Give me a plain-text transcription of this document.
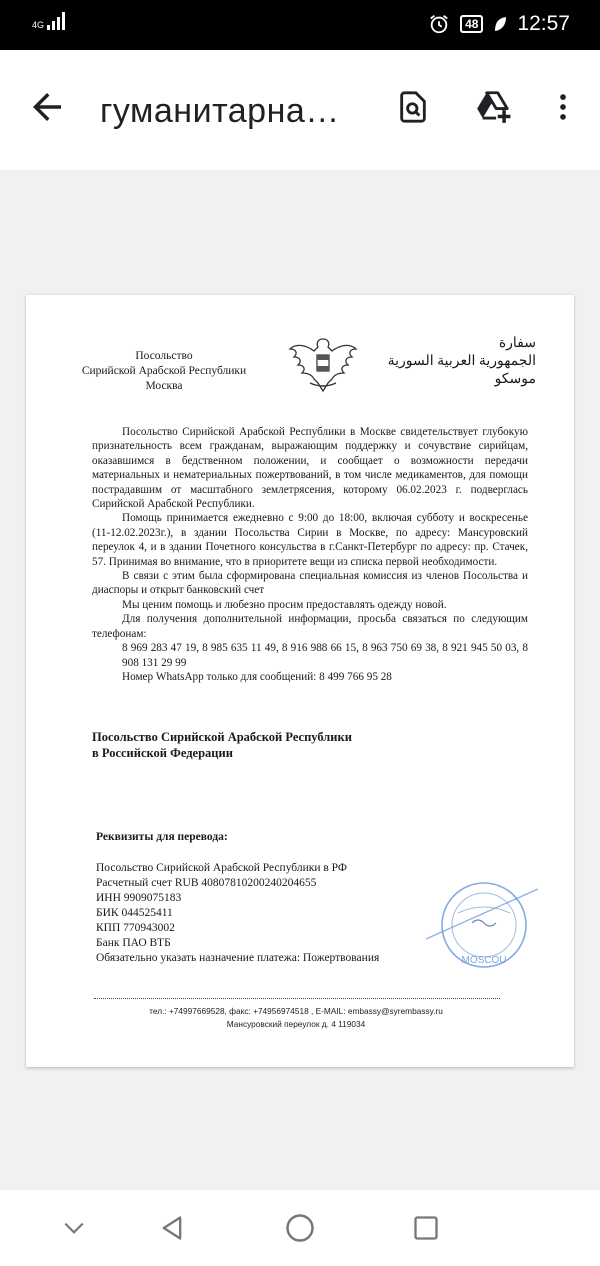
4G	48 12:57
гуманитарна…
Посольство
Сирийской Арабской Республики
Москва
سفارة
الجمهورية العربية السورية
موسكو

Посольство Сирийской Арабской Республики в Москве свидетельствует глубокую признательность всем гражданам, выражающим поддержку и сочувствие сирийцам, оказавшимся в бедственном положении, и сообщает о возможности передачи материальных и нематериальных пожертвований, в том числе медикаментов, для помощи пострадавшим от масштабного землетрясения, которому 06.02.2023 г. подверглась Сирийской Арабской Республики.

Помощь принимается ежедневно с 9:00 до 18:00, включая субботу и воскресенье (11-12.02.2023г.), в здании Посольства Сирии в Москве, по адресу: Мансуровский переулок 4, и в здании Почетного консульства в г.Санкт-Петербург по адресу: пр. Стачек, 57. Принимая во внимание, что в приоритете вещи из списка первой необходимости.

В связи с этим была сформирована специальная комиссия из членов Посольства и диаспоры и открыт банковский счет

Мы ценим помощь и любезно просим предоставлять одежду новой.

Для получения дополнительной информации, просьба связаться по следующим телефонам:

8 969 283 47 19, 8 985 635 11 49, 8 916 988 66 15, 8 963 750 69 38, 8 921 945 50 03, 8 908 131 29 99

Номер WhatsApp только для сообщений: 8 499 766 95 28

Посольство Сирийской Арабской Республики
в Российской Федерации
Реквизиты для перевода:
Посольство Сирийской Арабской Республики в РФ
Расчетный счет RUB 40807810200240204655
ИНН 9909075183
БИК 044525411
КПП 770943002
Банк ПАО ВТБ
Обязательно указать назначение платежа: Пожертвования	MOSCOU
тел.: +74997669528, факс: +74956974518 , E-MAIL: embassy@syrembassy.ru
Мансуровский переулок д. 4 119034
